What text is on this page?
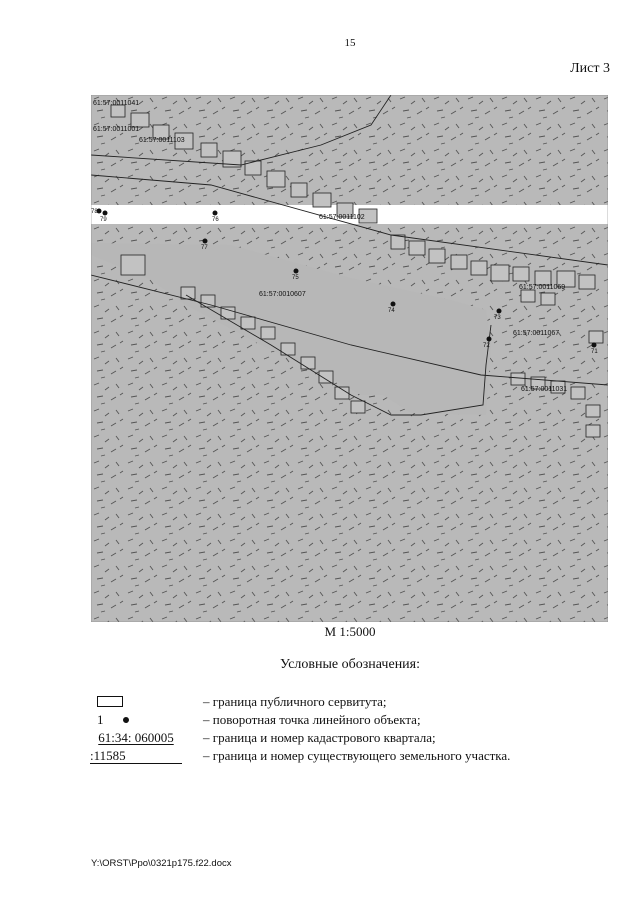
15
Лист 3
61:57:0011041
61:57:0011001
61:57:0011103
61:57:0011102
61:57:0010607
61:57:0011069
61:57:0011067
61:57:0011031
78
79	76
77
75
74
73
72
71
М 1:5000
Условные обозначения:
– граница публичного сервитута;
1	– поворотная точка линейного объекта;
61:34: 060005	– граница и номер кадастрового квартала;
:11585	– граница и номер существующего земельного участка.
Y:\ORST\Ppo\0321p175.f22.docx
